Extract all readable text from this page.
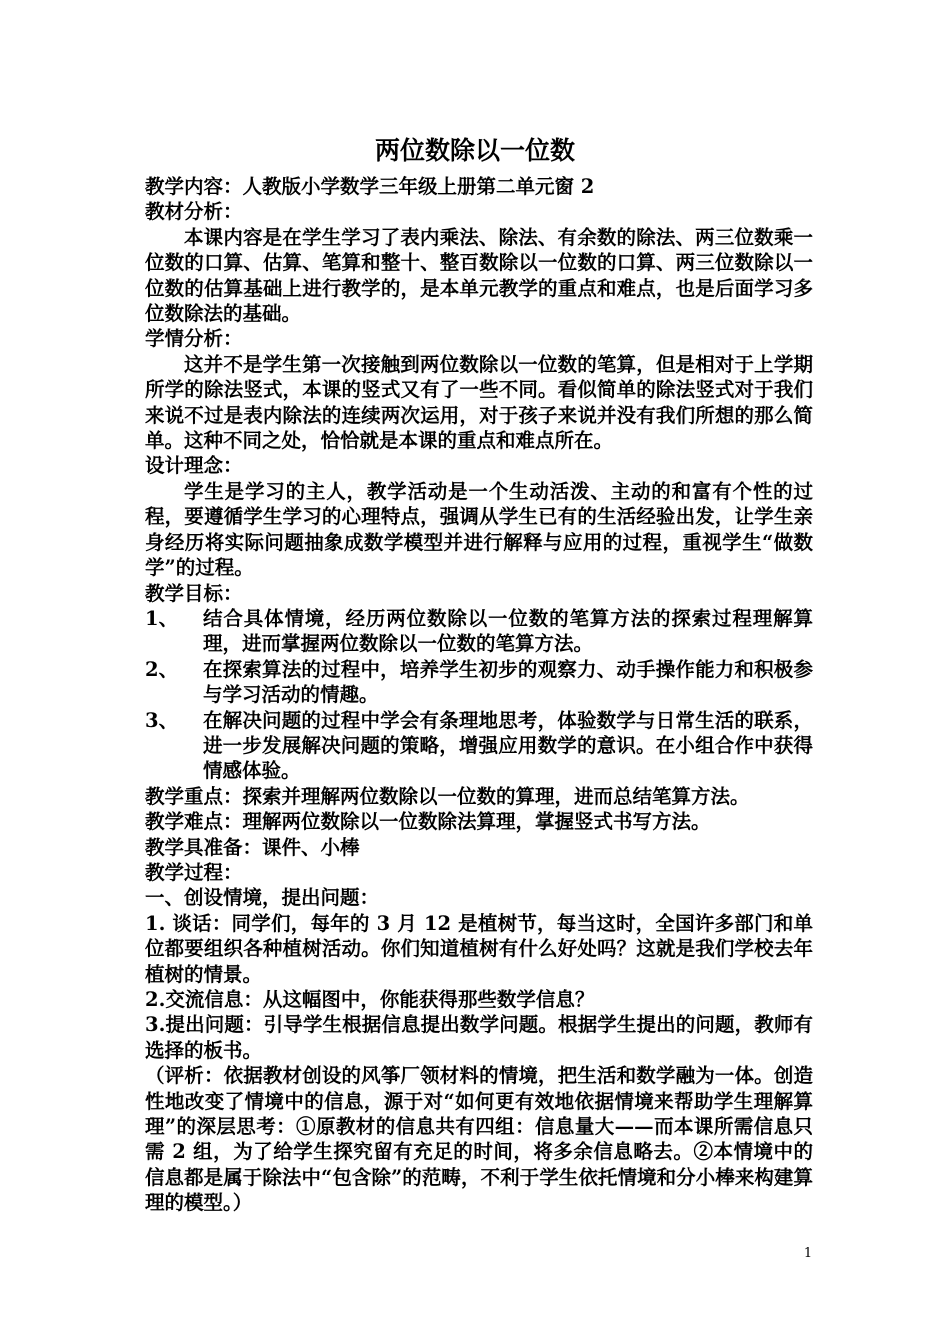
两位数除以一位数

教学内容：人教版小学数学三年级上册第二单元窗 2

教材分析：

本课内容是在学生学习了表内乘法、除法、有余数的除法、两三位数乘一位数的口算、估算、笔算和整十、整百数除以一位数的口算、两三位数除以一位数的估算基础上进行教学的，是本单元教学的重点和难点，也是后面学习多位数除法的基础。

学情分析：

这并不是学生第一次接触到两位数除以一位数的笔算，但是相对于上学期所学的除法竖式，本课的竖式又有了一些不同。看似简单的除法竖式对于我们来说不过是表内除法的连续两次运用，对于孩子来说并没有我们所想的那么简单。这种不同之处，恰恰就是本课的重点和难点所在。

设计理念：

学生是学习的主人，教学活动是一个生动活泼、主动的和富有个性的过程，要遵循学生学习的心理特点，强调从学生已有的生活经验出发，让学生亲身经历将实际问题抽象成数学模型并进行解释与应用的过程，重视学生“做数学”的过程。

教学目标：

1、	结合具体情境，经历两位数除以一位数的笔算方法的探索过程理解算理，进而掌握两位数除以一位数的笔算方法。
2、	在探索算法的过程中，培养学生初步的观察力、动手操作能力和积极参与学习活动的情趣。
3、	在解决问题的过程中学会有条理地思考，体验数学与日常生活的联系，进一步发展解决问题的策略，增强应用数学的意识。在小组合作中获得情感体验。

教学重点：探索并理解两位数除以一位数的算理，进而总结笔算方法。

教学难点：理解两位数除以一位数除法算理，掌握竖式书写方法。

教学具准备：课件、小棒

教学过程：

一、创设情境，提出问题：

1. 谈话：同学们，每年的 3 月 12 是植树节，每当这时，全国许多部门和单位都要组织各种植树活动。你们知道植树有什么好处吗？这就是我们学校去年植树的情景。

2.交流信息：从这幅图中，你能获得那些数学信息？

3.提出问题：引导学生根据信息提出数学问题。根据学生提出的问题，教师有选择的板书。

（评析：依据教材创设的风筝厂领材料的情境，把生活和数学融为一体。创造性地改变了情境中的信息，源于对“如何更有效地依据情境来帮助学生理解算理”的深层思考：①原教材的信息共有四组：信息量大——而本课所需信息只需 2 组，为了给学生探究留有充足的时间，将多余信息略去。②本情境中的信息都是属于除法中“包含除”的范畴，不利于学生依托情境和分小棒来构建算理的模型。）

1
